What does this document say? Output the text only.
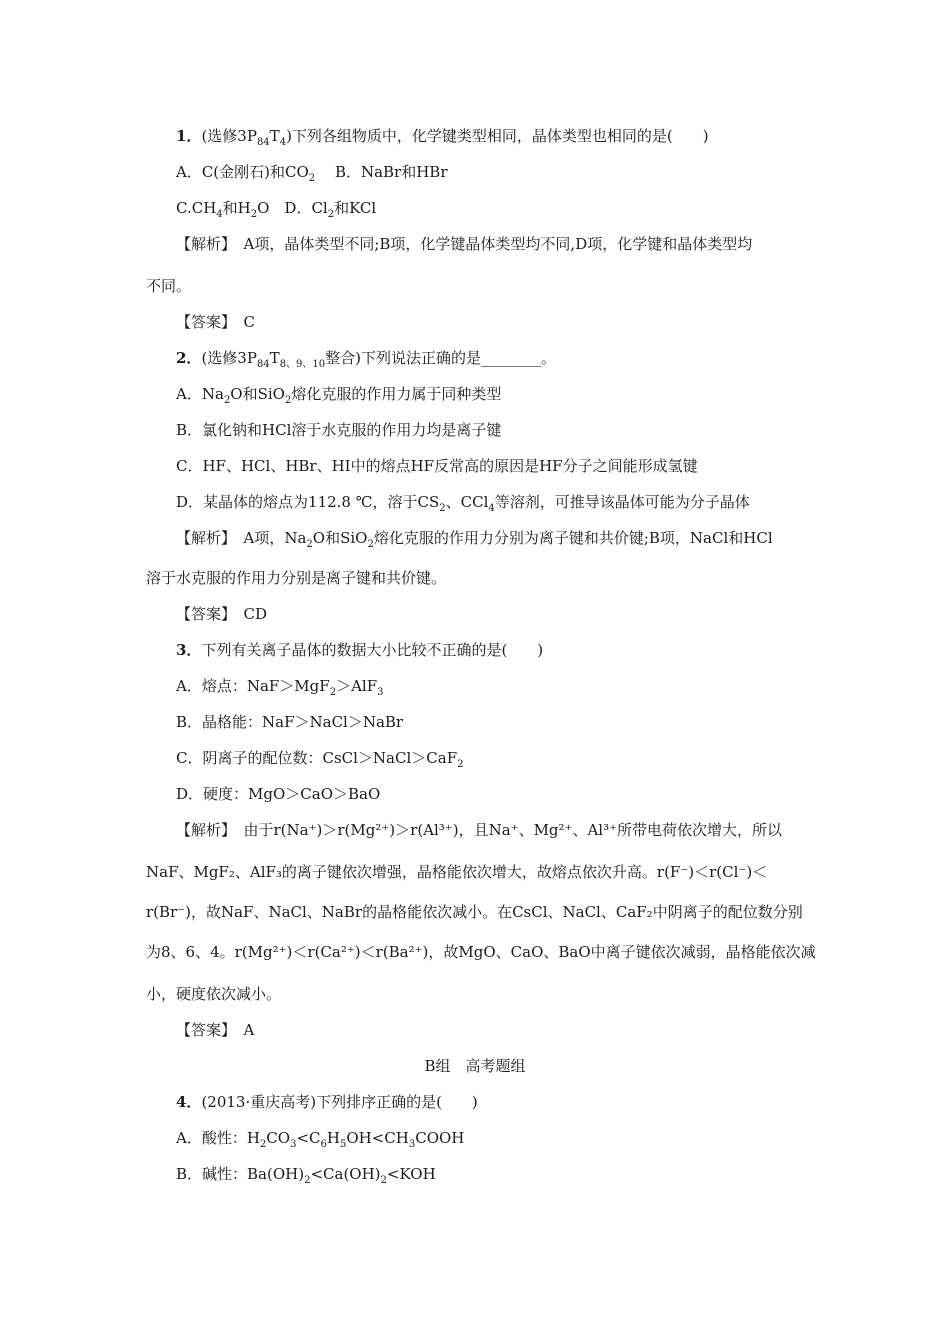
1．(选修$3P_{84}T_4$)下列各组物质中，化学键类型相同，晶体类型也相同的是(　　)
A．C(金刚石)和$CO_2$　 B．NaBr和HBr
$C.CH_4$和$H_2O$　D．$Cl_2$和KCl
【解析】　A项，晶体类型不同;B项，化学键晶体类型均不同,D项，化学键和晶体类型均
不同。
【答案】　C
2．(选修$3P_{84}T_{8、9、10}$整合)下列说法正确的是________。
A．$Na_2O$和SiO$_2$熔化克服的作用力属于同种类型
B．氯化钠和HCl溶于水克服的作用力均是离子键
C．HF、HCl、HBr、HI中的熔点HF反常高的原因是HF分子之间能形成氢键
D．某晶体的熔点为112.8 ℃，溶于$CS_2$、CCl$_4$等溶剂，可推导该晶体可能为分子晶体
【解析】　A项，$Na_2O$和SiO$_2$熔化克服的作用力分别为离子键和共价键;B项，NaCl和HCl
溶于水克服的作用力分别是离子键和共价键。
【答案】　CD
3．下列有关离子晶体的数据大小比较不正确的是(　　)
A．熔点：NaF＞MgF$_2$＞AlF$_3$
B．晶格能：NaF＞NaCl＞NaBr
C．阴离子的配位数：CsCl＞NaCl＞CaF$_2$
D．硬度：MgO＞CaO＞BaO
【解析】　由于r(Na⁺)＞r(Mg²⁺)＞r(Al³⁺)，且Na⁺、Mg²⁺、Al³⁺所带电荷依次增大，所以
NaF、MgF₂、AlF₃的离子键依次增强，晶格能依次增大，故熔点依次升高。r(F⁻)＜r(Cl⁻)＜
r(Br⁻)，故NaF、NaCl、NaBr的晶格能依次减小。在CsCl、NaCl、CaF₂中阴离子的配位数分别
为8、6、4。r(Mg²⁺)＜r(Ca²⁺)＜r(Ba²⁺)，故MgO、CaO、BaO中离子键依次减弱，晶格能依次减
小，硬度依次减小。
【答案】　A
B组　高考题组
4．(2013·重庆高考)下列排序正确的是(　　)
A．酸性：$H_2CO_3<C_6H_5OH<CH_3COOH$
B．碱性：$Ba(OH)_2<Ca(OH)_2<KOH$
